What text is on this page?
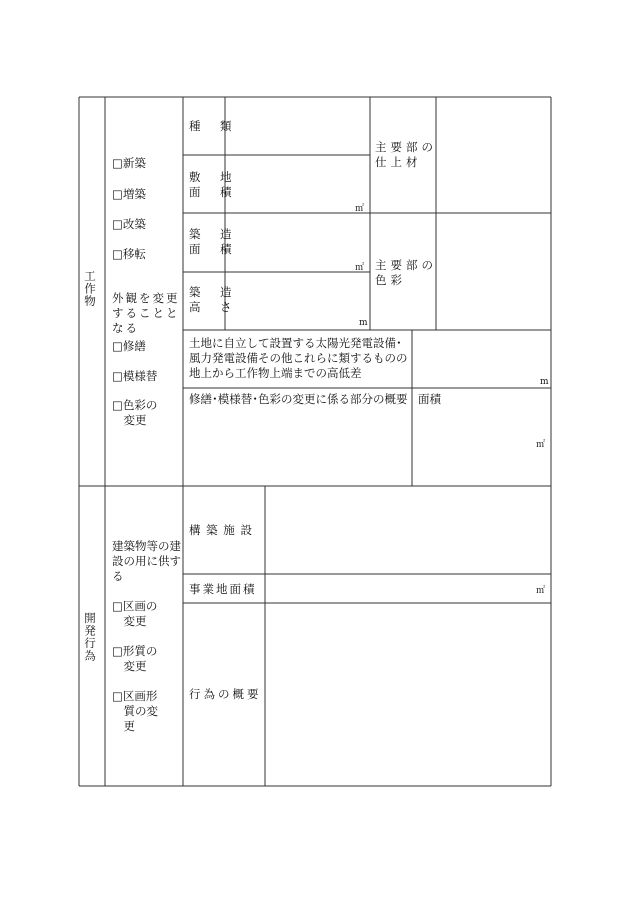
工作物
□新築
□増築
□改築
□移転
外観を変更することとなる
□修繕
□模様替
□色彩の
　変更
種　類
敷　地
面　積
㎡
築　造
面　積
㎡
築　造
高　さ
m
主要部の
仕上材
主要部の
色彩
土地に自立して設置する太陽光発電設備･風力発電設備その他これらに類するものの地上から工作物上端までの高低差
m
修繕･模様替･色彩の変更に係る部分の概要 面積
㎡
開発行為
建築物等の建設の用に供する
□区画の
　変更
□形質の
　変更
□区画形
　質の変
　更
構 築 施 設
事業地面積	㎡
行為の概要
